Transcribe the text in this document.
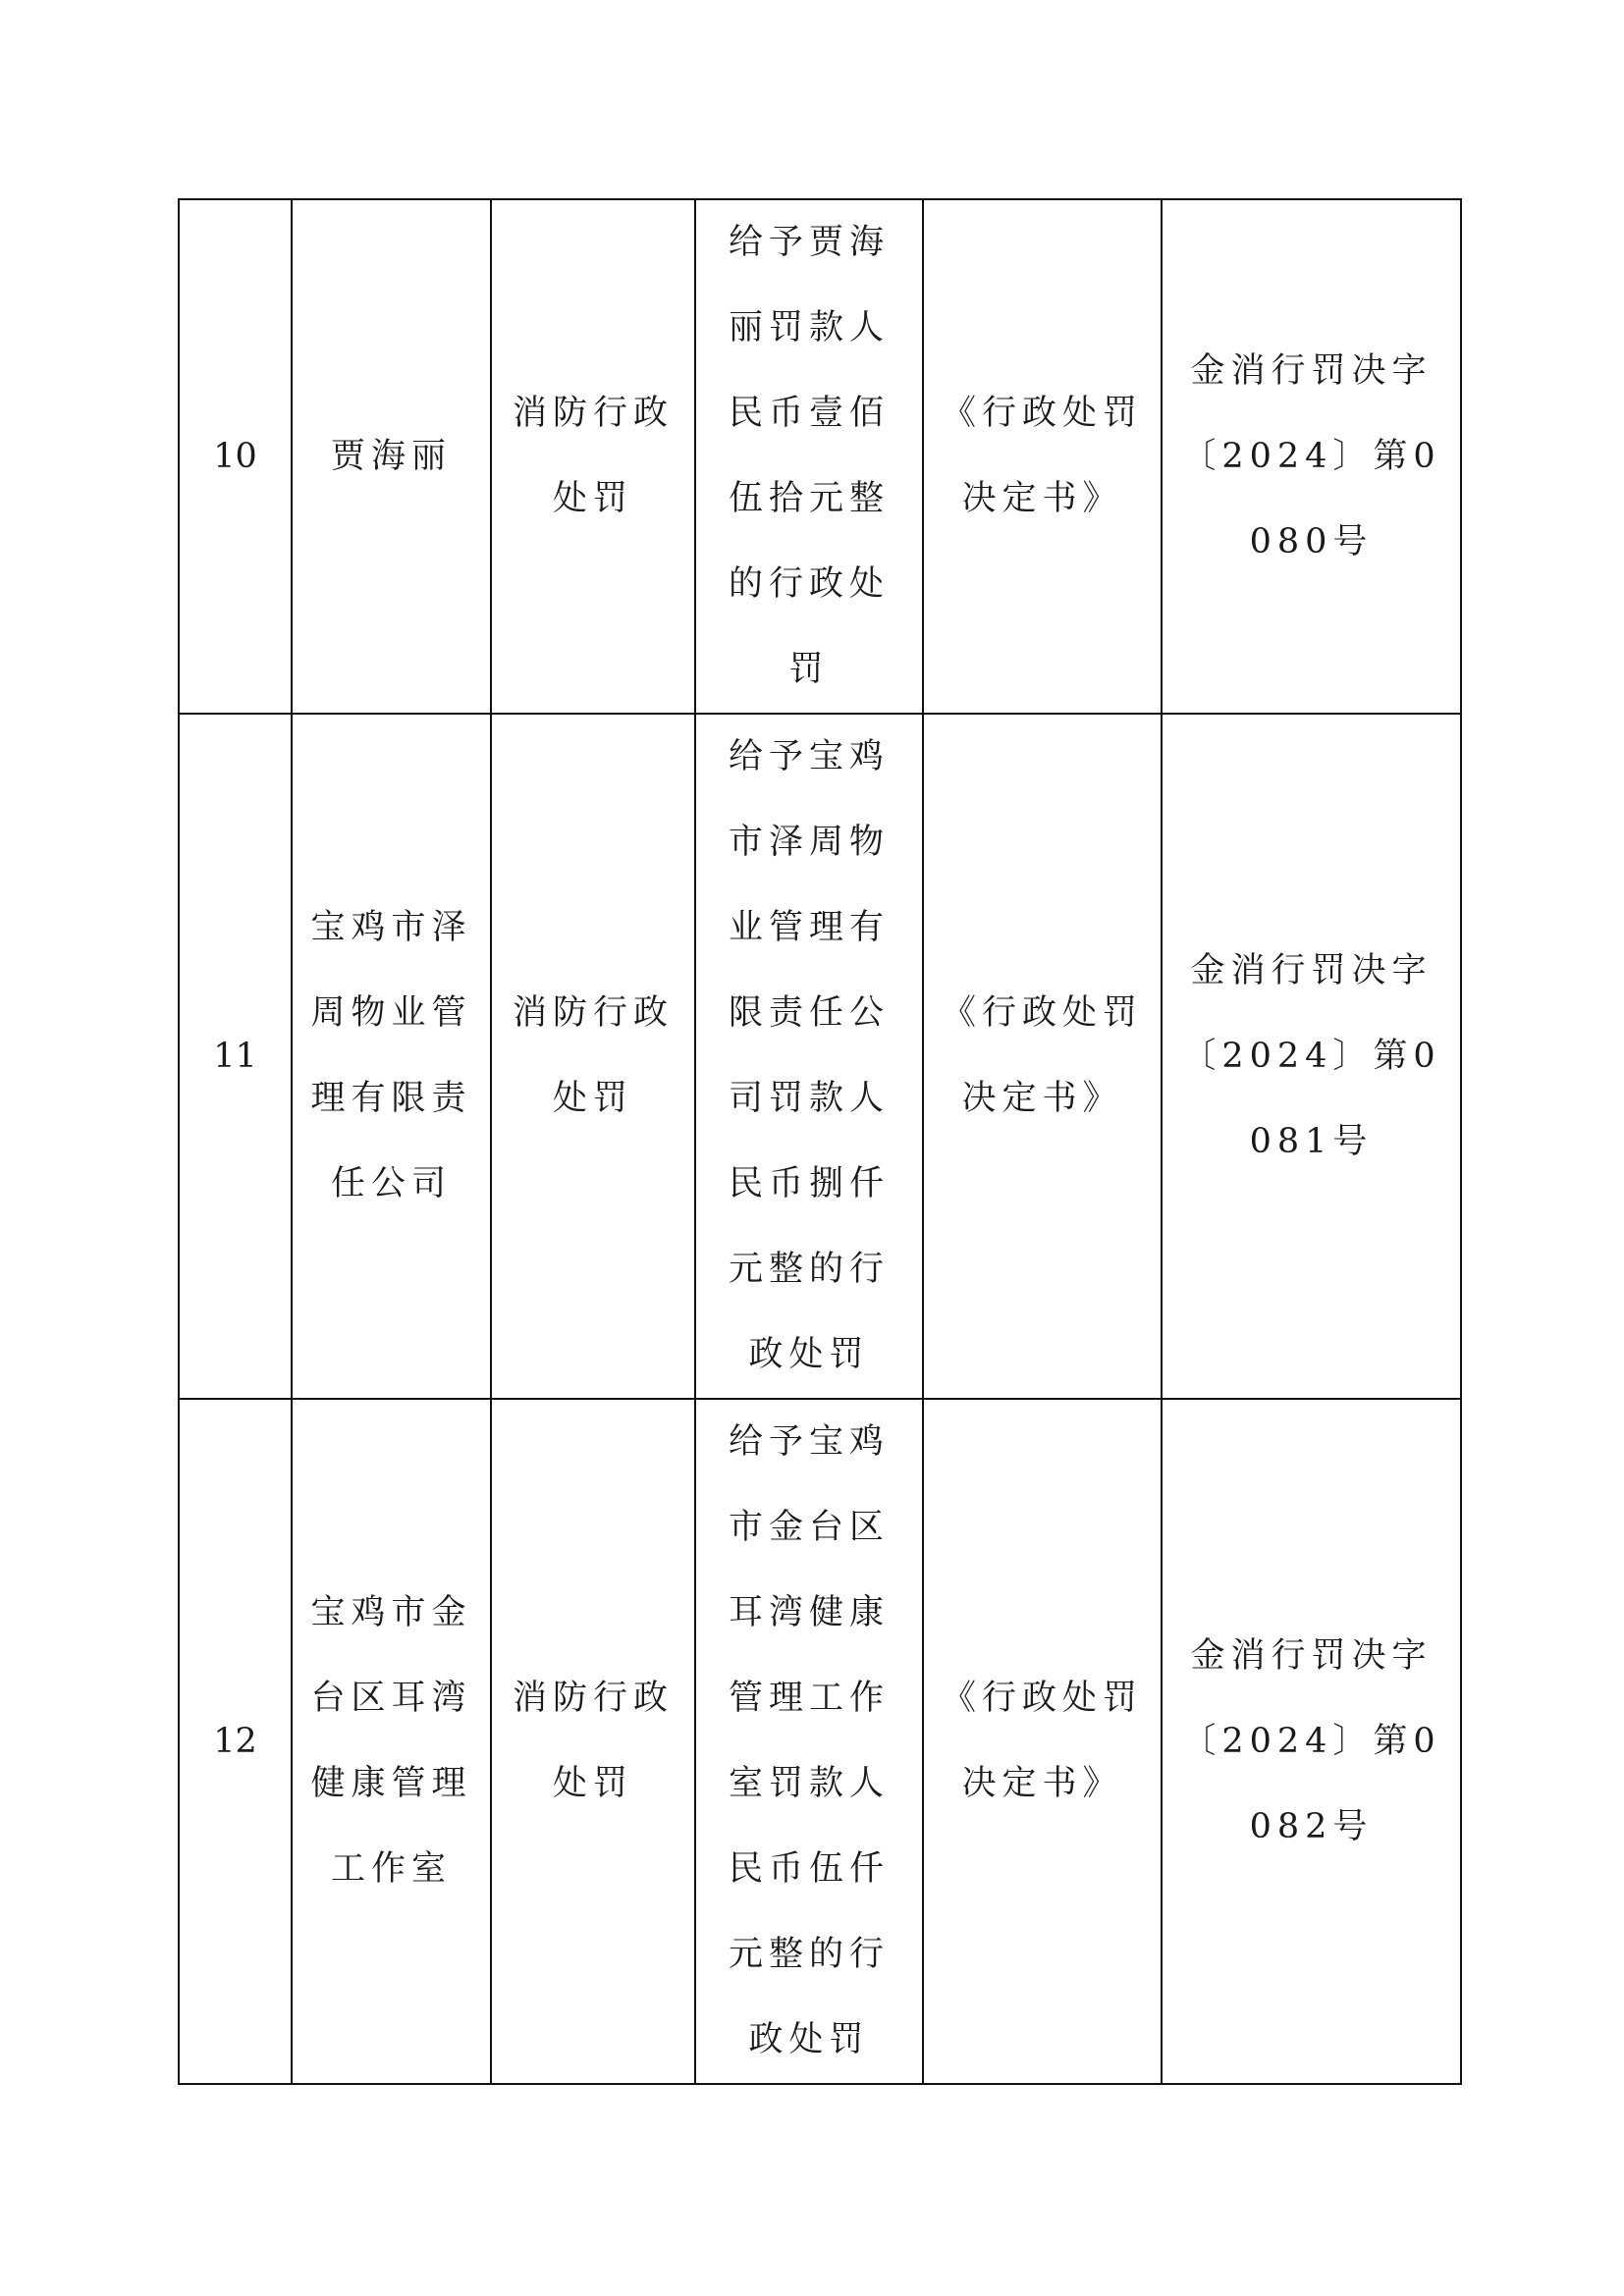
10	贾海丽	消防行政处罚	给予贾海丽罚款人民币壹佰伍拾元整的行政处罚	《行政处罚决定书》	金消行罚决字〔2024〕第0080号
11	宝鸡市泽周物业管理有限责任公司	消防行政处罚	给予宝鸡市泽周物业管理有限责任公司罚款人民币捌仟元整的行政处罚	《行政处罚决定书》	金消行罚决字〔2024〕第0081号
12	宝鸡市金台区耳湾健康管理工作室	消防行政处罚	给予宝鸡市金台区耳湾健康管理工作室罚款人民币伍仟元整的行政处罚	《行政处罚决定书》	金消行罚决字〔2024〕第0082号
